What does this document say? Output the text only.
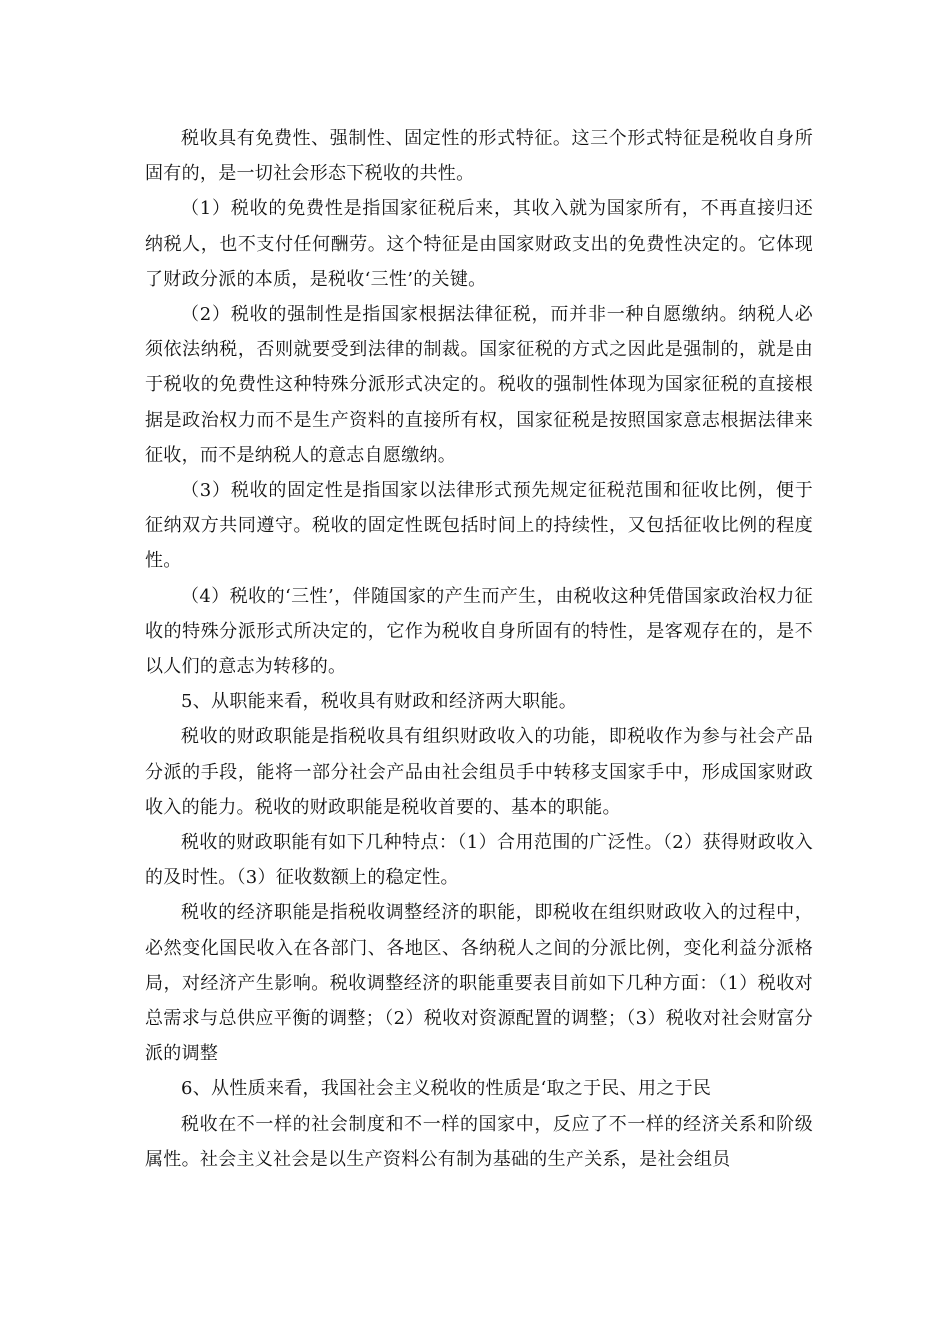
税收具有免费性、强制性、固定性的形式特征。这三个形式特征是税收自身所固有的，是一切社会形态下税收的共性。

（1）税收的免费性是指国家征税后来，其收入就为国家所有，不再直接归还纳税人，也不支付任何酬劳。这个特征是由国家财政支出的免费性决定的。它体现了财政分派的本质，是税收‘三性’的关键。

（2）税收的强制性是指国家根据法律征税，而并非一种自愿缴纳。纳税人必须依法纳税，否则就要受到法律的制裁。国家征税的方式之因此是强制的，就是由于税收的免费性这种特殊分派形式决定的。税收的强制性体现为国家征税的直接根据是政治权力而不是生产资料的直接所有权，国家征税是按照国家意志根据法律来征收，而不是纳税人的意志自愿缴纳。

（3）税收的固定性是指国家以法律形式预先规定征税范围和征收比例，便于征纳双方共同遵守。税收的固定性既包括时间上的持续性，又包括征收比例的程度性。

（4）税收的‘三性’，伴随国家的产生而产生，由税收这种凭借国家政治权力征收的特殊分派形式所决定的，它作为税收自身所固有的特性，是客观存在的，是不以人们的意志为转移的。

5、从职能来看，税收具有财政和经济两大职能。

税收的财政职能是指税收具有组织财政收入的功能，即税收作为参与社会产品分派的手段，能将一部分社会产品由社会组员手中转移支国家手中，形成国家财政收入的能力。税收的财政职能是税收首要的、基本的职能。

税收的财政职能有如下几种特点：（1）合用范围的广泛性。（2）获得财政收入的及时性。（3）征收数额上的稳定性。

税收的经济职能是指税收调整经济的职能，即税收在组织财政收入的过程中，必然变化国民收入在各部门、各地区、各纳税人之间的分派比例，变化利益分派格局，对经济产生影响。税收调整经济的职能重要表目前如下几种方面：（1）税收对总需求与总供应平衡的调整；（2）税收对资源配置的调整；（3）税收对社会财富分派的调整

6、从性质来看，我国社会主义税收的性质是‘取之于民、用之于民

税收在不一样的社会制度和不一样的国家中，反应了不一样的经济关系和阶级属性。社会主义社会是以生产资料公有制为基础的生产关系，是社会组员
